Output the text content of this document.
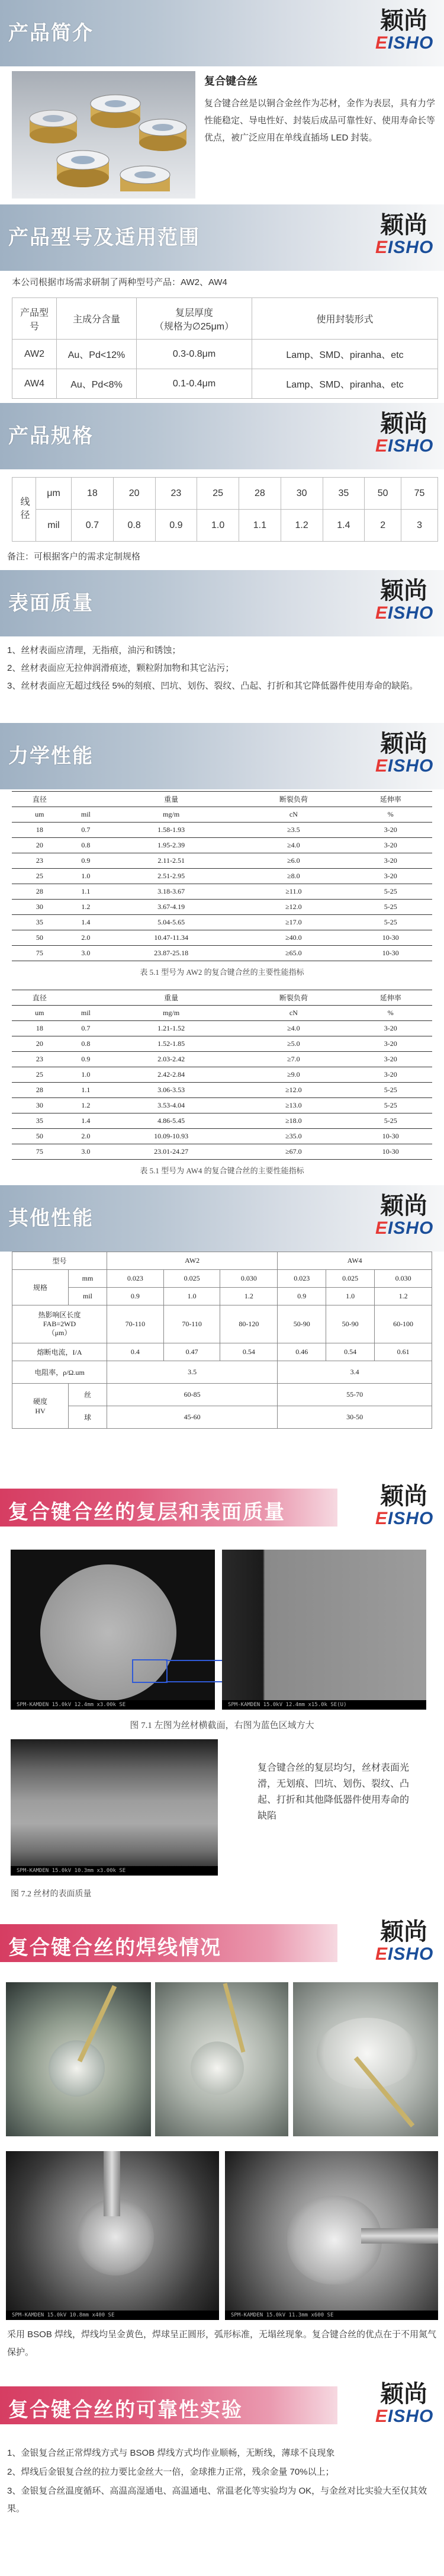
产品简介	颖尚
EISHO
复合键合丝
复合键合丝是以铜合金丝作为芯材，金作为表层，具有力学性能稳定、导电性好、封装后成品可靠性好、使用寿命长等优点，被广泛应用在单线直插场 LED 封装。
产品型号及适用范围	颖尚
EISHO
本公司根据市场需求研制了两种型号产品：AW2、AW4
产品型号	主成分含量	复层厚度
（规格为∅25μm）	使用封装形式
AW2	Au、Pd<12%	0.3-0.8μm	Lamp、SMD、piranha、etc
AW4	Au、Pd<8%	0.1-0.4μm	Lamp、SMD、piranha、etc
产品规格	颖尚
EISHO
线径	μm	18	20	23	25	28	30	35	50	75
	mil	0.7	0.8	0.9	1.0	1.1	1.2	1.4	2	3
备注：可根据客户的需求定制规格
表面质量	颖尚
EISHO
1、丝材表面应清理，无指痕，油污和锈蚀；
2、丝材表面应无拉伸润滑痕迹，颗粒附加物和其它沾污；
3、丝材表面应无超过线径 5%的刻痕、凹坑、划伤、裂纹、凸起、打折和其它降低器件使用寿命的缺陷。
力学性能	颖尚
EISHO
直径		重量	断裂负荷	延伸率
um	mil	mg/m	cN	%
18	0.7	1.58-1.93	≥3.5	3-20
20	0.8	1.95-2.39	≥4.0	3-20
23	0.9	2.11-2.51	≥6.0	3-20
25	1.0	2.51-2.95	≥8.0	3-20
28	1.1	3.18-3.67	≥11.0	5-25
30	1.2	3.67-4.19	≥12.0	5-25
35	1.4	5.04-5.65	≥17.0	5-25
50	2.0	10.47-11.34	≥40.0	10-30
75	3.0	23.87-25.18	≥65.0	10-30
表 5.1 型号为 AW2 的复合键合丝的主要性能指标
直径		重量	断裂负荷	延伸率
um	mil	mg/m	cN	%
18	0.7	1.21-1.52	≥4.0	3-20
20	0.8	1.52-1.85	≥5.0	3-20
23	0.9	2.03-2.42	≥7.0	3-20
25	1.0	2.42-2.84	≥9.0	3-20
28	1.1	3.06-3.53	≥12.0	5-25
30	1.2	3.53-4.04	≥13.0	5-25
35	1.4	4.86-5.45	≥18.0	5-25
50	2.0	10.09-10.93	≥35.0	10-30
75	3.0	23.01-24.27	≥67.0	10-30
表 5.1 型号为 AW4 的复合键合丝的主要性能指标
其他性能	颖尚
EISHO
型号		AW2			AW4		
规格	mm	0.023	0.025	0.030	0.023	0.025	0.030
	mil	0.9	1.0	1.2	0.9	1.0	1.2
热影响区长度
FAB=2WD
（μm）		70-110	70-110	80-120	50-90	50-90	60-100
熔断电流，I/A		0.4	0.47	0.54	0.46	0.54	0.61
电阻率，ρ/Ω.um		3.5			3.4		
硬度
HV	丝	60-85			55-70		
	球	45-60			30-50		
复合键合丝的复层和表面质量
颖尚
EISHO
SPM-KAMDEN 15.0kV 12.4mm x3.00k SE	SPM-KAMDEN 15.0kV 12.4mm x15.0k SE(U)
图 7.1 左图为丝材横截面，右图为蓝色区域方大
SPM-KAMDEN 15.0kV 10.3mm x3.00k SE
复合键合丝的复层均匀，丝材表面光滑，无划痕、凹坑、划伤、裂纹、凸起、打折和其他降低器件使用寿命的缺陷
图 7.2 丝材的表面质量
复合键合丝的焊线情况
颖尚
EISHO
SPM-KAMDEN 15.0kV 10.8mm x400 SE	SPM-KAMDEN 15.0kV 11.3mm x600 SE
采用 BSOB 焊线，焊线均呈金黄色，焊球呈正圆形，弧形标准，无塌丝现象。复合键合丝的优点在于不用氮气保护。
复合键合丝的可靠性实验
颖尚
EISHO
1、金银复合丝正常焊线方式与 BSOB 焊线方式均作业顺畅，无断线，薄球不良现象
2、焊线后金银复合丝的拉力要比金丝大一倍，金球推力正常，残余金量 70%以上；
3、金银复合丝温度循环、高温高湿通电、高温通电、常温老化等实验均为 OK，与金丝对比实验大至仅其效果。
